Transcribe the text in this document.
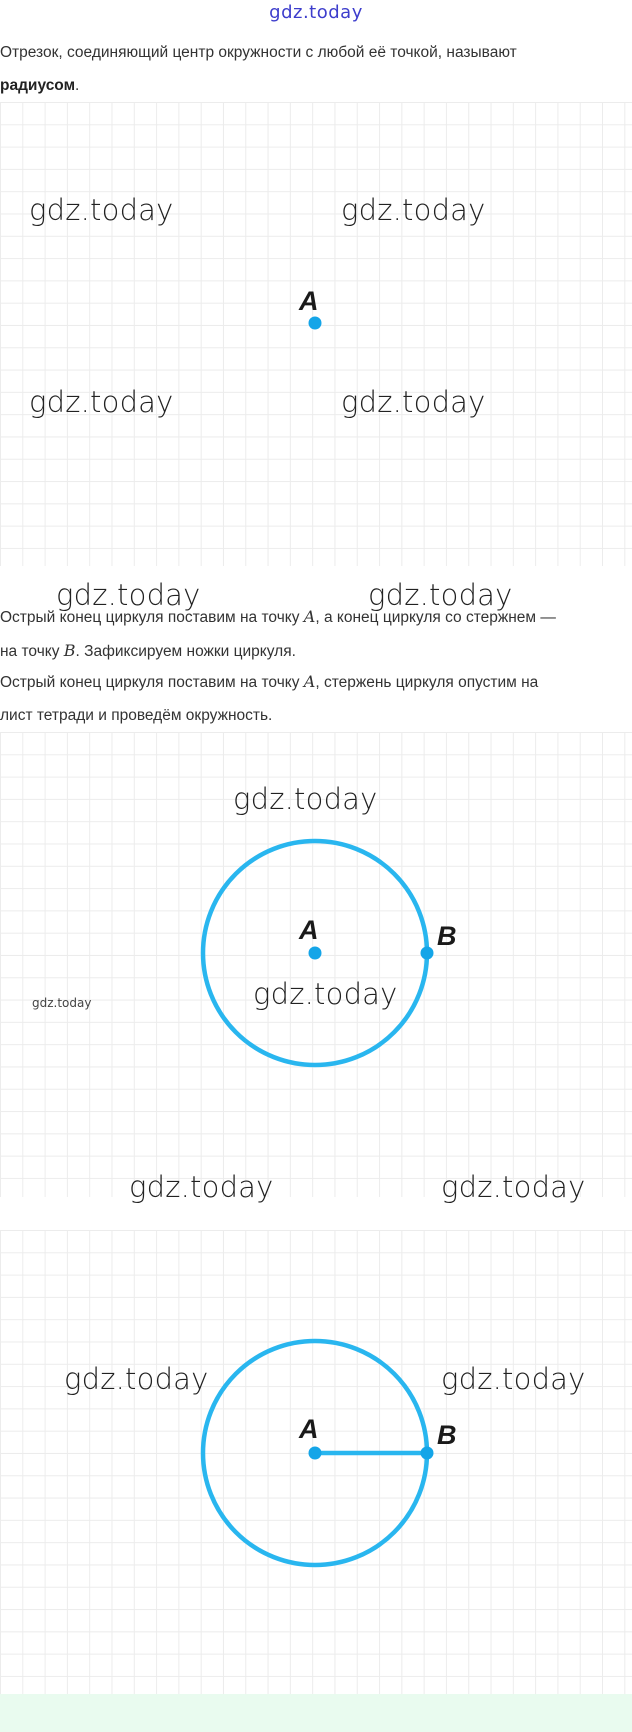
gdz.today
Отрезок, соединяющий центр окружности с любой её точкой, называют
радиусом.
A
gdz.today	gdz.today
gdz.today	gdz.today
Острый конец циркуля поставим на точку A, а конец циркуля со стержнем —
на точку B. Зафиксируем ножки циркуля.
Острый конец циркуля поставим на точку A, стержень циркуля опустим на
лист тетради и проведём окружность.
gdz.today	gdz.today
A	B
gdz.today
gdz.today
gdz.today
gdz.today	gdz.today
A	B
gdz.today	gdz.today
